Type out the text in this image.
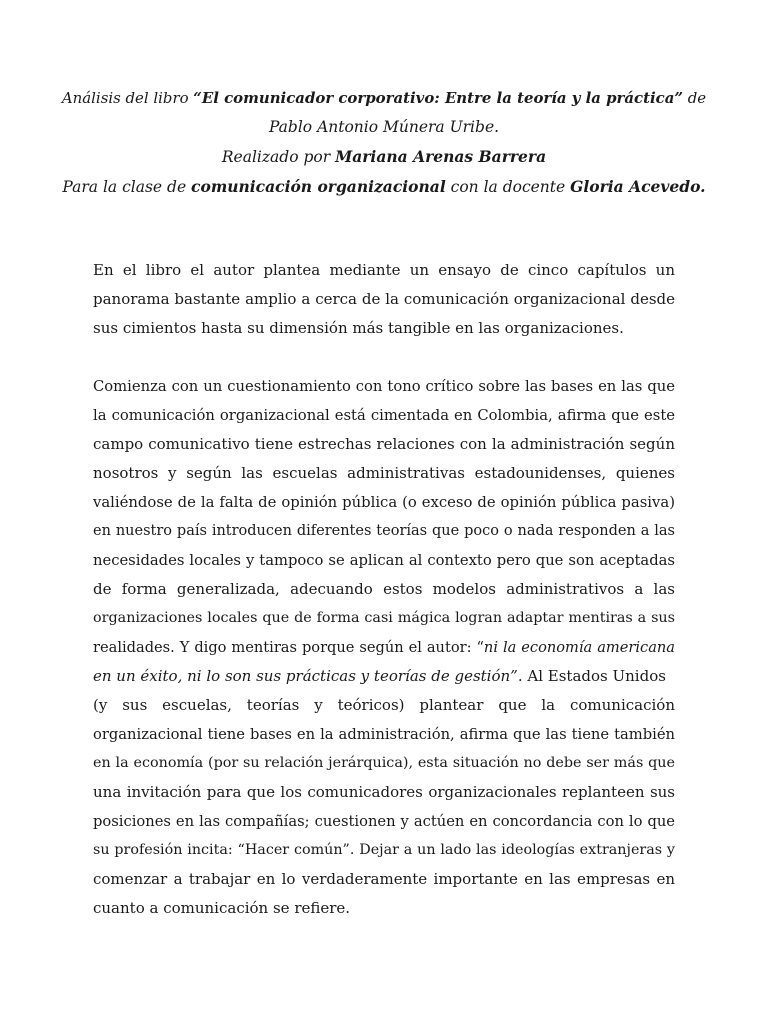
Análisis del libro “El comunicador corporativo: Entre la teoría y la práctica” de
Pablo Antonio Múnera Uribe.
Realizado por Mariana Arenas Barrera
Para la clase de comunicación organizacional con la docente Gloria Acevedo.
En el libro el autor plantea mediante un ensayo de cinco capítulos un
panorama bastante amplio a cerca de la comunicación organizacional desde
sus cimientos hasta su dimensión más tangible en las organizaciones.
Comienza con un cuestionamiento con tono crítico sobre las bases en las que
la comunicación organizacional está cimentada en Colombia, afirma que este
campo comunicativo tiene estrechas relaciones con la administración según
nosotros y según las escuelas administrativas estadounidenses, quienes
valiéndose de la falta de opinión pública (o exceso de opinión pública pasiva)
en nuestro país introducen diferentes teorías que poco o nada responden a las
necesidades locales y tampoco se aplican al contexto pero que son aceptadas
de forma generalizada, adecuando estos modelos administrativos a las
organizaciones locales que de forma casi mágica logran adaptar mentiras a sus
realidades. Y digo mentiras porque según el autor: “ni la economía americana
en un éxito, ni lo son sus prácticas y teorías de gestión”. Al Estados Unidos
(y sus escuelas, teorías y teóricos) plantear que la comunicación
organizacional tiene bases en la administración, afirma que las tiene también
en la economía (por su relación jerárquica), esta situación no debe ser más que
una invitación para que los comunicadores organizacionales replanteen sus
posiciones en las compañías; cuestionen y actúen en concordancia con lo que
su profesión incita: “Hacer común”. Dejar a un lado las ideologías extranjeras y
comenzar a trabajar en lo verdaderamente importante en las empresas en
cuanto a comunicación se refiere.
